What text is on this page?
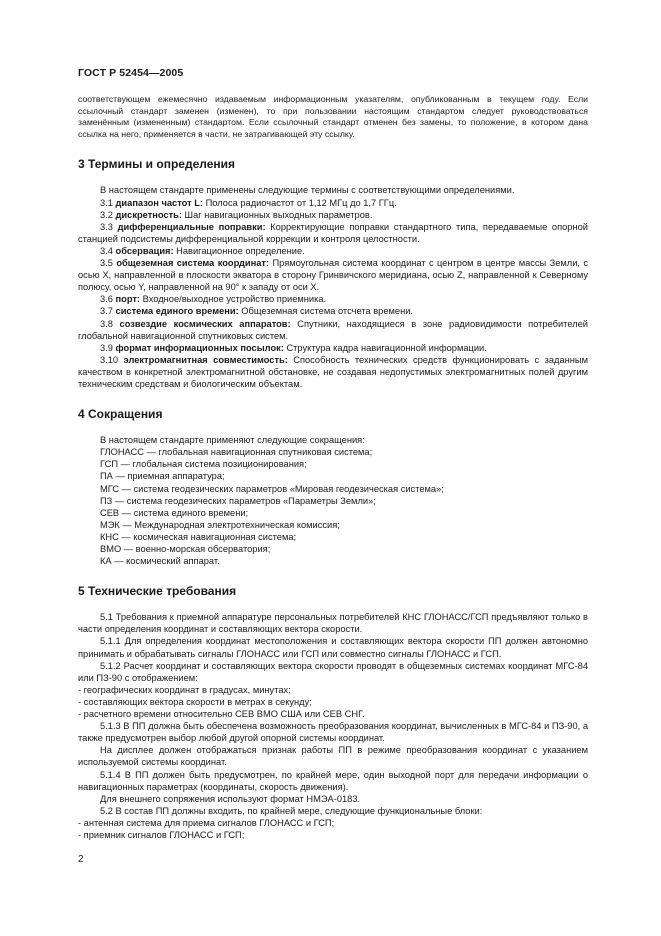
ГОСТ Р 52454—2005

соответствующем ежемесячно издаваемым информационным указателям, опубликованным в текущем году. Если ссылочный стандарт заменен (изменен), то при пользовании настоящим стандартом следует руководствоваться заменённым (измененным) стандартом. Если ссылочный стандарт отменен без замены, то положение, в котором дана ссылка на него, применяется в части, не затрагивающей эту ссылку.

3 Термины и определения

В настоящем стандарте применены следующие термины с соответствующими определениями.

3.1 диапазон частот L: Полоса радиочастот от 1,12 МГц до 1,7 ГГц.

3.2 дискретность: Шаг навигационных выходных параметров.

3.3 дифференциальные поправки: Корректирующие поправки стандартного типа, передаваемые опорной станцией подсистемы дифференциальной коррекции и контроля целостности.

3.4 обсервация: Навигационное определение.

3.5 общеземная система координат: Прямоугольная система координат с центром в центре массы Земли, с осью X, направленной в плоскости экватора в сторону Гринвичского меридиана, осью Z, направленной к Северному полюсу, осью Y, направленной на 90° к западу от оси X.

3.6 порт: Входное/выходное устройство приемника.

3.7 система единого времени: Общеземная система отсчета времени.

3.8 созвездие космических аппаратов: Спутники, находящиеся в зоне радиовидимости потребителей глобальной навигационной спутниковых систем.

3.9 формат информационных посылок: Структура кадра навигационной информации.

3.10 электромагнитная совместимость: Способность технических средств функционировать с заданным качеством в конкретной электромагнитной обстановке, не создавая недопустимых электромагнитных полей другим техническим средствам и биологическим объектам.

4 Сокращения

В настоящем стандарте применяют следующие сокращения:

ГЛОНАСС — глобальная навигационная спутниковая система;

ГСП — глобальная система позиционирования;

ПА — приемная аппаратура;

МГС — система геодезических параметров «Мировая геодезическая система»;

ПЗ — система геодезических параметров «Параметры Земли»;

СЕВ — система единого времени;

МЭК — Международная электротехническая комиссия;

КНС — космическая навигационная система;

ВМО — военно-морская обсерватория;

КА — космический аппарат.

5 Технические требования

5.1 Требования к приемной аппаратуре персональных потребителей КНС ГЛОНАСС/ГСП предъявляют только в части определения координат и составляющих вектора скорости.

5.1.1 Для определения координат местоположения и составляющих вектора скорости ПП должен автономно принимать и обрабатывать сигналы ГЛОНАСС или ГСП или совместно сигналы ГЛОНАСС и ГСП.

5.1.2 Расчет координат и составляющих вектора скорости проводят в общеземных системах координат МГС-84 или ПЗ-90 с отображением:

- географических координат в градусах, минутах;

- составляющих вектора скорости в метрах в секунду;

- расчетного времени относительно СЕВ ВМО США или СЕВ СНГ.

5.1.3 В ПП должна быть обеспечена возможность преобразования координат, вычисленных в МГС-84 и ПЗ-90, а также предусмотрен выбор любой другой опорной системы координат.

На дисплее должен отображаться признак работы ПП в режиме преобразования координат с указанием используемой системы координат.

5.1.4 В ПП должен быть предусмотрен, по крайней мере, один выходной порт для передачи информации о навигационных параметрах (координаты, скорость движения).

Для внешнего сопряжения используют формат НМЭА-0183.

5.2 В состав ПП должны входить, по крайней мере, следующие функциональные блоки:

- антенная система для приема сигналов ГЛОНАСС и ГСП;

- приемник сигналов ГЛОНАСС и ГСП;

2
